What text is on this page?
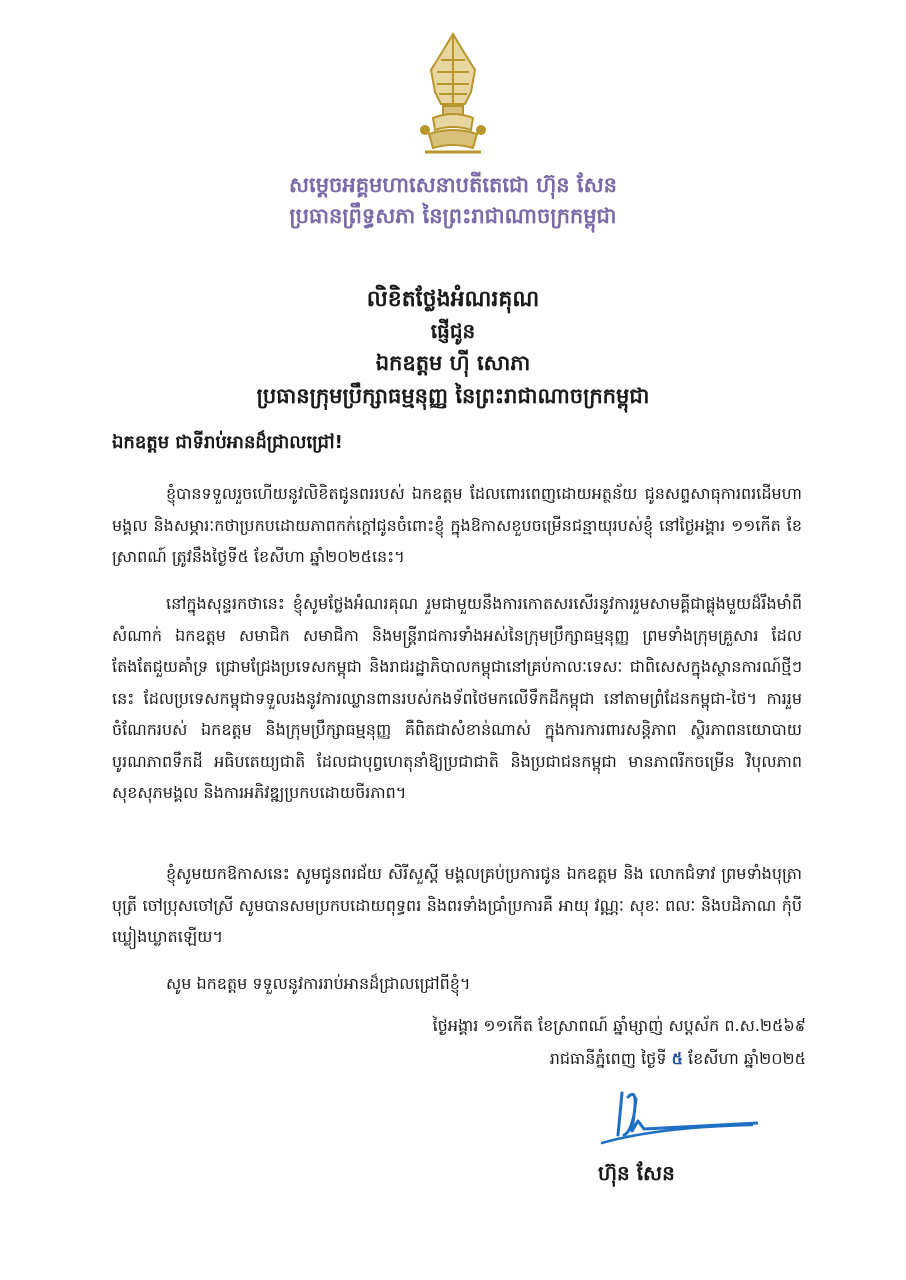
សម្តេចអគ្គមហាសេនាបតីតេជោ ហ៊ុន សែន
ប្រធានព្រឹទ្ធសភា នៃព្រះរាជាណាចក្រកម្ពុជា
លិខិតថ្លែងអំណរគុណ
ផ្ញើជូន
ឯកឧត្តម ហ៊ី សោភា
ប្រធានក្រុមប្រឹក្សាធម្មនុញ្ញ នៃព្រះរាជាណាចក្រកម្ពុជា
ឯកឧត្តម ជាទីរាប់អានដ៏ជ្រាលជ្រៅ!
ខ្ញុំបានទទួលរួចហើយនូវលិខិតជូនពររបស់ ឯកឧត្តម ដែលពោរពេញដោយអត្ថន័យ ជូនសព្ទសាធុការពរដើមហាមង្គល និងសម្ភារៈកថាប្រកបដោយភាពកក់ក្ដៅជូនចំពោះខ្ញុំ ក្នុងឱកាសខួបចម្រើនជន្មាយុរបស់ខ្ញុំ នៅថ្ងៃអង្គារ ១១កើត ខែស្រាពណ៍ ត្រូវនឹងថ្ងៃទី៥ ខែសីហា ឆ្នាំ២០២៥នេះ។
នៅក្នុងសុន្ទរកថានេះ ខ្ញុំសូមថ្លែងអំណរគុណ រួមជាមួយនឹងការកោតសរសើរនូវការរួមសាមគ្គីជាផ្លុងមួយដ៏រឹងមាំពីសំណាក់ ឯកឧត្តម សមាជិក សមាជិកា និងមន្ត្រីរាជការទាំងអស់នៃក្រុមប្រឹក្សាធម្មនុញ្ញ ព្រមទាំងក្រុមគ្រួសារ ដែលតែងតែជួយគាំទ្រ ជ្រោមជ្រែងប្រទេសកម្ពុជា និងរាជរដ្ឋាភិបាលកម្ពុជានៅគ្រប់កាលៈទេសៈ ជាពិសេសក្នុងស្ថានការណ៍ថ្មីៗនេះ ដែលប្រទេសកម្ពុជាទទួលរងនូវការឈ្លានពានរបស់កងទ័ពថៃមកលើទឹកដីកម្ពុជា នៅតាមព្រំដែនកម្ពុជា-ថៃ។ ការរួមចំណែករបស់ ឯកឧត្តម និងក្រុមប្រឹក្សាធម្មនុញ្ញ គឺពិតជាសំខាន់ណាស់ ក្នុងការការពារសន្តិភាព ស្ថិរភាពនយោបាយ បូរណភាពទឹកដី អធិបតេយ្យជាតិ ដែលជាបុព្វហេតុនាំឱ្យប្រជាជាតិ និងប្រជាជនកម្ពុជា មានភាពរីកចម្រើន វិបុលភាព សុខសុភមង្គល និងការអភិវឌ្ឍប្រកបដោយចីរភាព។
ខ្ញុំសូមយកឱកាសនេះ សូមជូនពរជ័យ សិរីសួស្តី មង្គលគ្រប់ប្រការជូន ឯកឧត្តម និង លោកជំទាវ ព្រមទាំងបុត្រាបុត្រី ចៅប្រុសចៅស្រី សូមបានសមប្រកបដោយពុទ្ធពរ និងពរទាំងប្រាំប្រការគឺ អាយុ វណ្ណៈ សុខៈ ពលៈ និងបដិភាណ កុំបីឃ្លៀងឃ្លាតឡើយ។
សូម ឯកឧត្តម ទទួលនូវការរាប់អានដ៏ជ្រាលជ្រៅពីខ្ញុំ។
ថ្ងៃអង្គារ ១១កើត ខែស្រាពណ៍ ឆ្នាំម្សាញ់ សប្តស័ក ព.ស.២៥៦៩
រាជធានីភ្នំពេញ ថ្ងៃទី ៥ ខែសីហា ឆ្នាំ២០២៥
ហ៊ុន សែន
